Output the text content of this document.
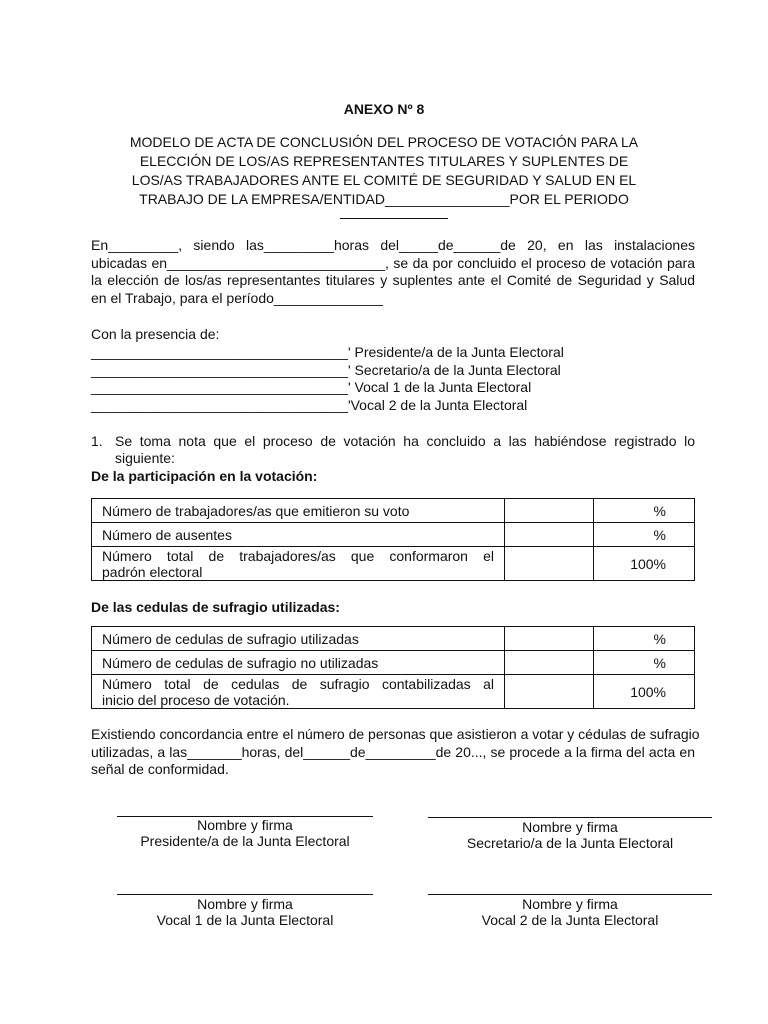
ANEXO Nº 8
MODELO DE ACTA DE CONCLUSIÓN DEL PROCESO DE VOTACIÓN PARA LA
ELECCIÓN DE LOS/AS REPRESENTANTES TITULARES Y SUPLENTES DE
LOS/AS TRABAJADORES ANTE EL COMITÉ DE SEGURIDAD Y SALUD EN EL
TRABAJO DE LA EMPRESA/ENTIDAD________________POR EL PERIODO
En_________, siendo las_________horas del_____de______de 20, en las instalaciones
ubicadas en____________________________, se da por concluido el proceso de votación para
la elección de los/as representantes titulares y suplentes ante el Comité de Seguridad y Salud
en el Trabajo, para el período______________
Con la presencia de:
_________________________________' Presidente/a de la Junta Electoral
_________________________________' Secretario/a de la Junta Electoral
_________________________________' Vocal 1 de la Junta Electoral
_________________________________'Vocal 2 de la Junta Electoral
1. Se toma nota que el proceso de votación ha concluido a las habiéndose registrado lo
siguiente:
De la participación en la votación:
Número de trabajadores/as que emitieron su voto		%
Número de ausentes		%

Número total de trabajadores/as que conformaron el
padrón electoral		100%
De las cedulas de sufragio utilizadas:
Número de cedulas de sufragio utilizadas		%
Número de cedulas de sufragio no utilizadas		%

Número total de cedulas de sufragio contabilizadas al
inicio del proceso de votación.		100%
Existiendo concordancia entre el número de personas que asistieron a votar y cédulas de sufragio
utilizadas, a las_______horas, del______de_________de 20..., se procede a la firma del acta en
señal de conformidad.
Nombre y firma
Presidente/a de la Junta Electoral
Nombre y firma
Secretario/a de la Junta Electoral
Nombre y firma
Vocal 1 de la Junta Electoral
Nombre y firma
Vocal 2 de la Junta Electoral
